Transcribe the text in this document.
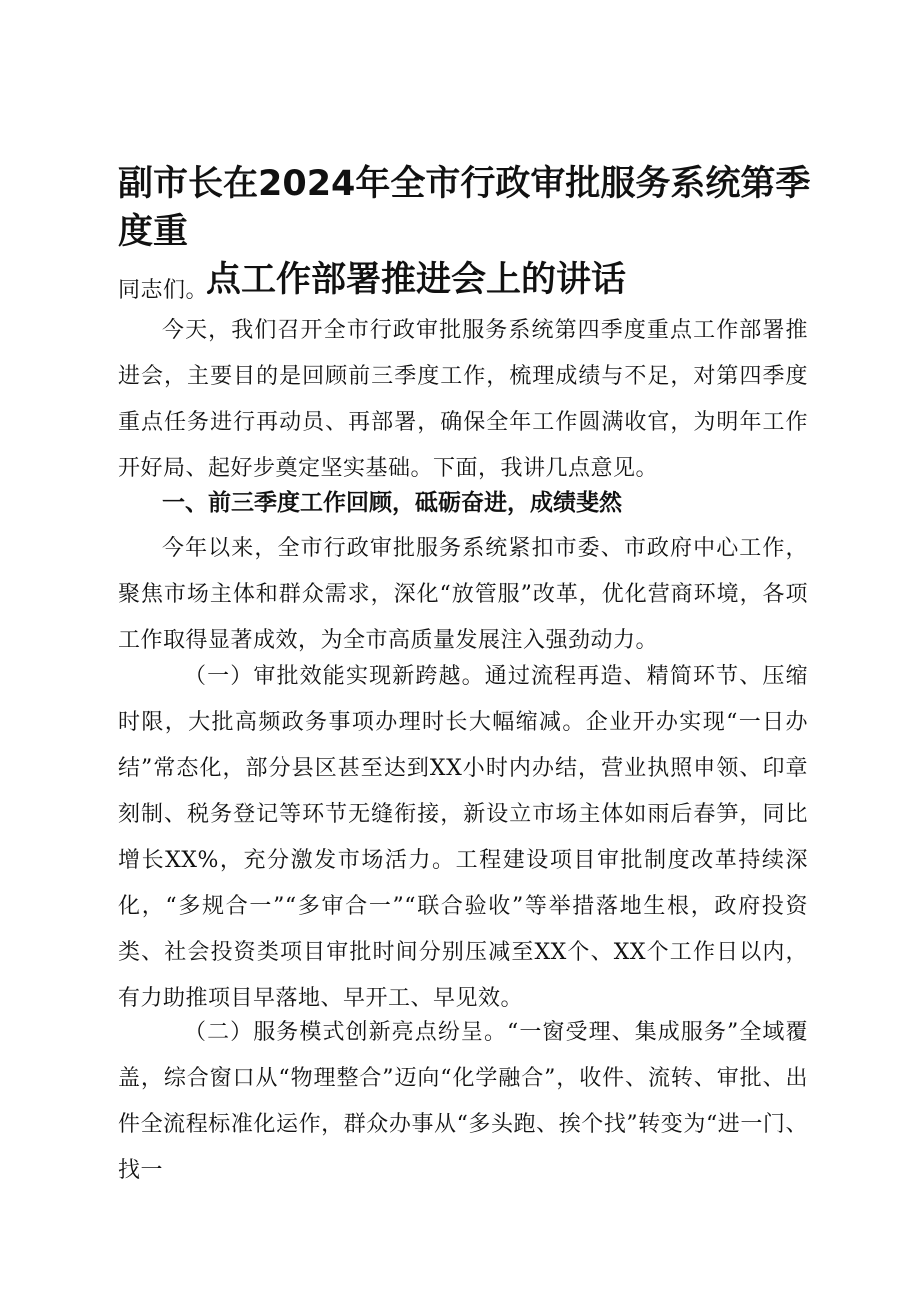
副市长在2024年全市行政审批服务系统第季度重
点工作部署推进会上的讲话

同志们。

今天，我们召开全市行政审批服务系统第四季度重点工作部署推进会，主要目的是回顾前三季度工作，梳理成绩与不足，对第四季度重点任务进行再动员、再部署，确保全年工作圆满收官，为明年工作开好局、起好步奠定坚实基础。下面，我讲几点意见。

一、前三季度工作回顾，砥砺奋进，成绩斐然

今年以来，全市行政审批服务系统紧扣市委、市政府中心工作，聚焦市场主体和群众需求，深化“放管服”改革，优化营商环境，各项工作取得显著成效，为全市高质量发展注入强劲动力。

（一）审批效能实现新跨越。通过流程再造、精简环节、压缩时限，大批高频政务事项办理时长大幅缩减。企业开办实现“一日办结”常态化，部分县区甚至达到XX小时内办结，营业执照申领、印章刻制、税务登记等环节无缝衔接，新设立市场主体如雨后春笋，同比增长XX%，充分激发市场活力。工程建设项目审批制度改革持续深化，“多规合一”“多审合一”“联合验收”等举措落地生根，政府投资类、社会投资类项目审批时间分别压减至XX个、XX个工作日以内，有力助推项目早落地、早开工、早见效。

（二）服务模式创新亮点纷呈。“一窗受理、集成服务”全域覆盖，综合窗口从“物理整合”迈向“化学融合”，收件、流转、审批、出件全流程标准化运作，群众办事从“多头跑、挨个找”转变为“进一门、找一
